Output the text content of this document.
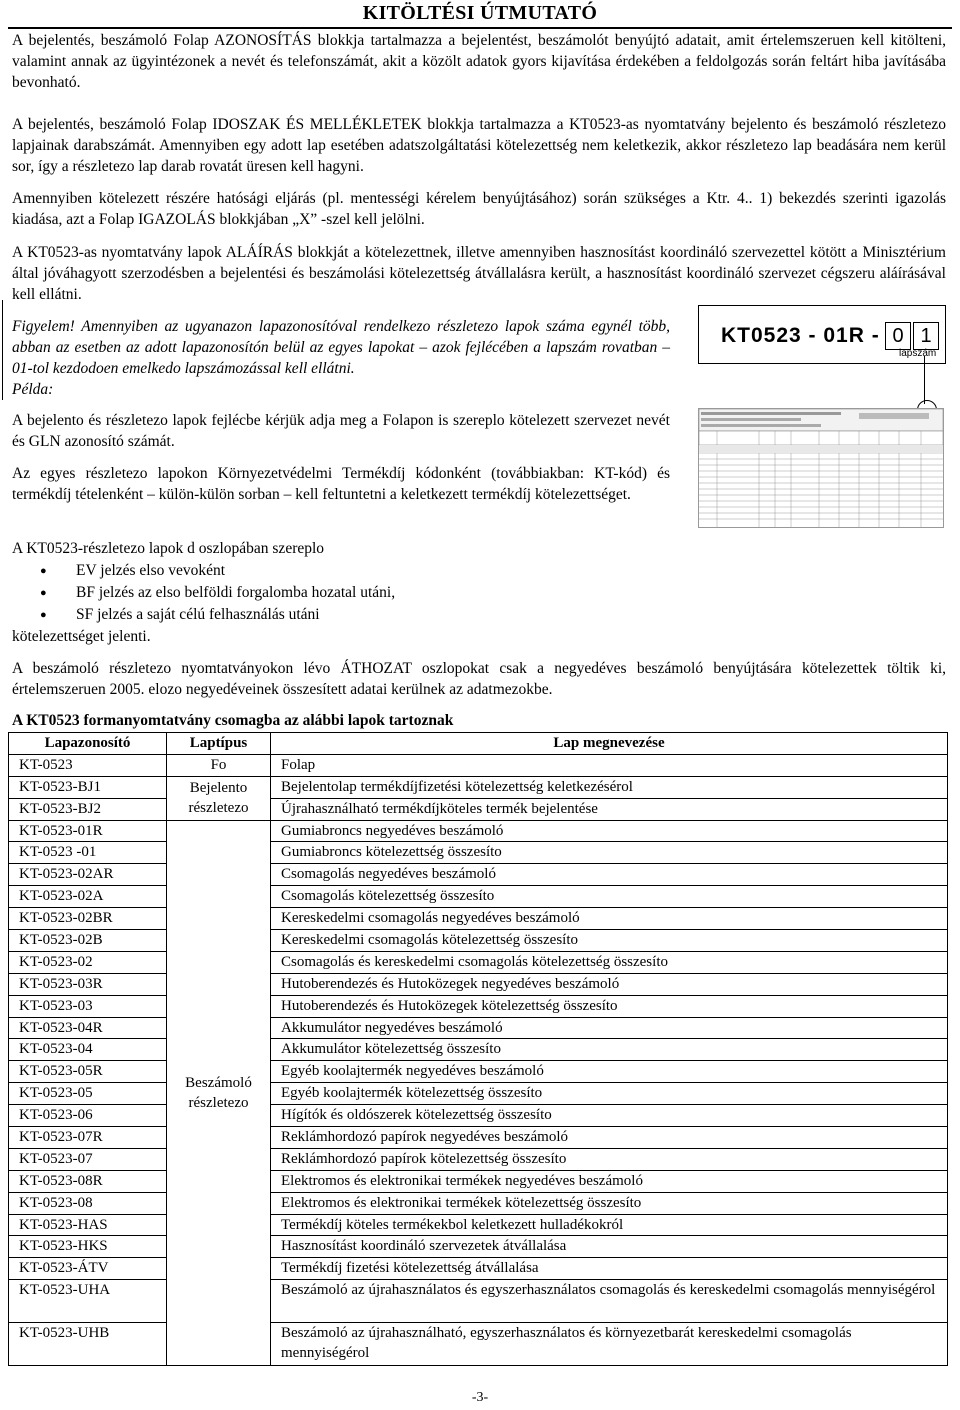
KITÖLTÉSI ÚTMUTATÓ
A bejelentés, beszámoló Folap AZONOSÍTÁS blokkja tartalmazza a bejelentést, beszámolót benyújtó adatait, amit értelemszeruen kell kitölteni, valamint annak az ügyintézonek a nevét és telefonszámát, akit a közölt adatok gyors kijavítása érdekében a feldolgozás során feltárt hiba javításába bevonható.
A bejelentés, beszámoló Folap IDOSZAK ÉS MELLÉKLETEK blokkja tartalmazza a KT0523-as nyomtatvány bejelento és beszámoló részletezo lapjainak darabszámát. Amennyiben egy adott lap esetében adatszolgáltatási kötelezettség nem keletkezik, akkor részletezo lap beadására nem kerül sor, így a részletezo lap darab rovatát üresen kell hagyni.
Amennyiben kötelezett részére hatósági eljárás (pl. mentességi kérelem benyújtásához) során szükséges a Ktr. 4.. 1) bekezdés szerinti igazolás kiadása, azt a Folap IGAZOLÁS blokkjában „X” -szel kell jelölni.
A KT0523-as nyomtatvány lapok ALÁÍRÁS blokkját a kötelezettnek, illetve amennyiben hasznosítást koordináló szervezettel kötött a Minisztérium által jóváhagyott szerzodésben a bejelentési és beszámolási kötelezettség átvállalásra került, a hasznosítást koordináló szervezet cégszeru aláírásával kell ellátni.
Figyelem! Amennyiben az ugyanazon lapazonosítóval rendelkezo részletezo lapok száma egynél több, abban az esetben az adott lapazonosítón belül az egyes lapokat – azok fejlécében a lapszám rovatban – 01-tol kezdodoen emelkedo lapszámozással kell ellátni.
Példa:
A bejelento és részletezo lapok fejlécbe kérjük adja meg a Folapon is szereplo kötelezett szervezet nevét és GLN azonosító számát.
Az egyes részletezo lapokon Környezetvédelmi Termékdíj kódonként (továbbiakban: KT-kód) és termékdíj tételenként – külön-külön sorban – kell feltuntetni a keletkezett termékdíj kötelezettséget.
A KT0523-részletezo lapok d oszlopában szereplo
● EV jelzés elso vevoként
● BF jelzés az elso belföldi forgalomba hozatal utáni,
● SF jelzés a saját célú felhasználás utáni
kötelezettséget jelenti.
A beszámoló részletezo nyomtatványokon lévo ÁTHOZAT oszlopokat csak a negyedéves beszámoló benyújtására kötelezettek töltik ki, értelemszeruen 2005. elozo negyedéveinek összesített adatai kerülnek az adatmezokbe.
KT0523 - 01R - 0 1
lapszám
A KT0523 formanyomtatvány csomagba az alábbi lapok tartoznak
Lapazonosító	Laptípus	Lap megnevezése
KT-0523	Fo	Folap
KT-0523-BJ1	Bejelento részletezo	Bejelentolap termékdíjfizetési kötelezettség keletkezésérol
KT-0523-BJ2		Újrahasználható termékdíjköteles termék bejelentése
KT-0523-01R	Beszámoló részletezo	Gumiabroncs negyedéves beszámoló
KT-0523 -01		Gumiabroncs kötelezettség összesíto
KT-0523-02AR		Csomagolás negyedéves beszámoló
KT-0523-02A		Csomagolás kötelezettség összesíto
KT-0523-02BR		Kereskedelmi csomagolás negyedéves beszámoló
KT-0523-02B		Kereskedelmi csomagolás kötelezettség összesíto
KT-0523-02		Csomagolás és kereskedelmi csomagolás kötelezettség összesíto
KT-0523-03R		Hutoberendezés és Hutoközegek negyedéves beszámoló
KT-0523-03		Hutoberendezés és Hutoközegek kötelezettség összesíto
KT-0523-04R		Akkumulátor negyedéves beszámoló
KT-0523-04		Akkumulátor kötelezettség összesíto
KT-0523-05R		Egyéb koolajtermék negyedéves beszámoló
KT-0523-05		Egyéb koolajtermék kötelezettség összesíto
KT-0523-06		Hígítók és oldószerek kötelezettség összesíto
KT-0523-07R		Reklámhordozó papírok negyedéves beszámoló
KT-0523-07		Reklámhordozó papírok kötelezettség összesíto
KT-0523-08R		Elektromos és elektronikai termékek negyedéves beszámoló
KT-0523-08		Elektromos és elektronikai termékek kötelezettség összesíto
KT-0523-HAS		Termékdíj köteles termékekbol keletkezett hulladékokról
KT-0523-HKS		Hasznosítást koordináló szervezetek átvállalása
KT-0523-ÁTV		Termékdíj fizetési kötelezettség átvállalása
KT-0523-UHA		Beszámoló az újrahasználatos és egyszerhasználatos csomagolás és kereskedelmi csomagolás mennyiségérol
KT-0523-UHB		Beszámoló az újrahasználható, egyszerhasználatos és környezetbarát kereskedelmi csomagolás mennyiségérol
-3-
